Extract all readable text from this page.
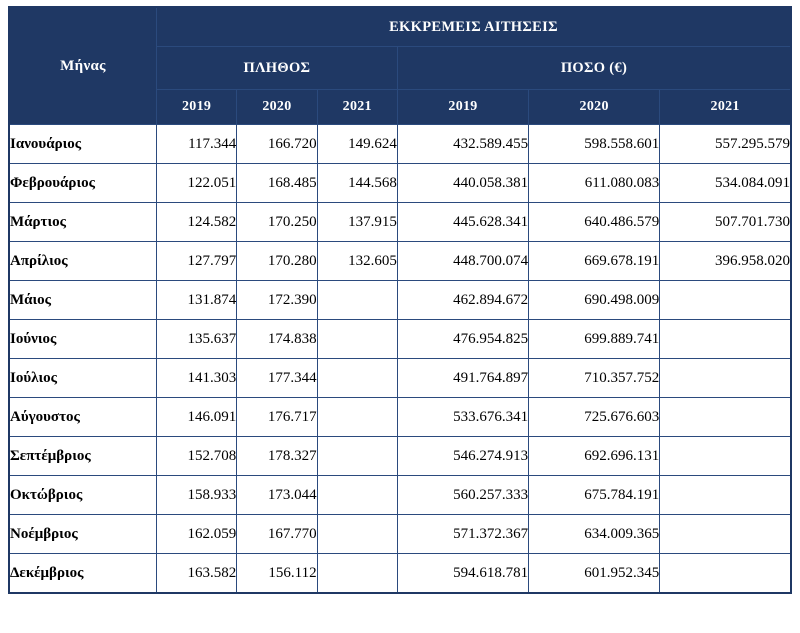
Μήνας	ΕΚΚΡΕΜΕΙΣ ΑΙΤΗΣΕΙΣ					
	ΠΛΗΘΟΣ			ΠΟΣΟ (€)		
	2019	2020	2021	2019	2020	2021
Ιανουάριος	117.344	166.720	149.624	432.589.455	598.558.601	557.295.579
Φεβρουάριος	122.051	168.485	144.568	440.058.381	611.080.083	534.084.091
Μάρτιος	124.582	170.250	137.915	445.628.341	640.486.579	507.701.730
Απρίλιος	127.797	170.280	132.605	448.700.074	669.678.191	396.958.020
Μάιος	131.874	172.390		462.894.672	690.498.009	
Ιούνιος	135.637	174.838		476.954.825	699.889.741	
Ιούλιος	141.303	177.344		491.764.897	710.357.752	
Αύγουστος	146.091	176.717		533.676.341	725.676.603	
Σεπτέμβριος	152.708	178.327		546.274.913	692.696.131	
Οκτώβριος	158.933	173.044		560.257.333	675.784.191	
Νοέμβριος	162.059	167.770		571.372.367	634.009.365	
Δεκέμβριος	163.582	156.112		594.618.781	601.952.345	
